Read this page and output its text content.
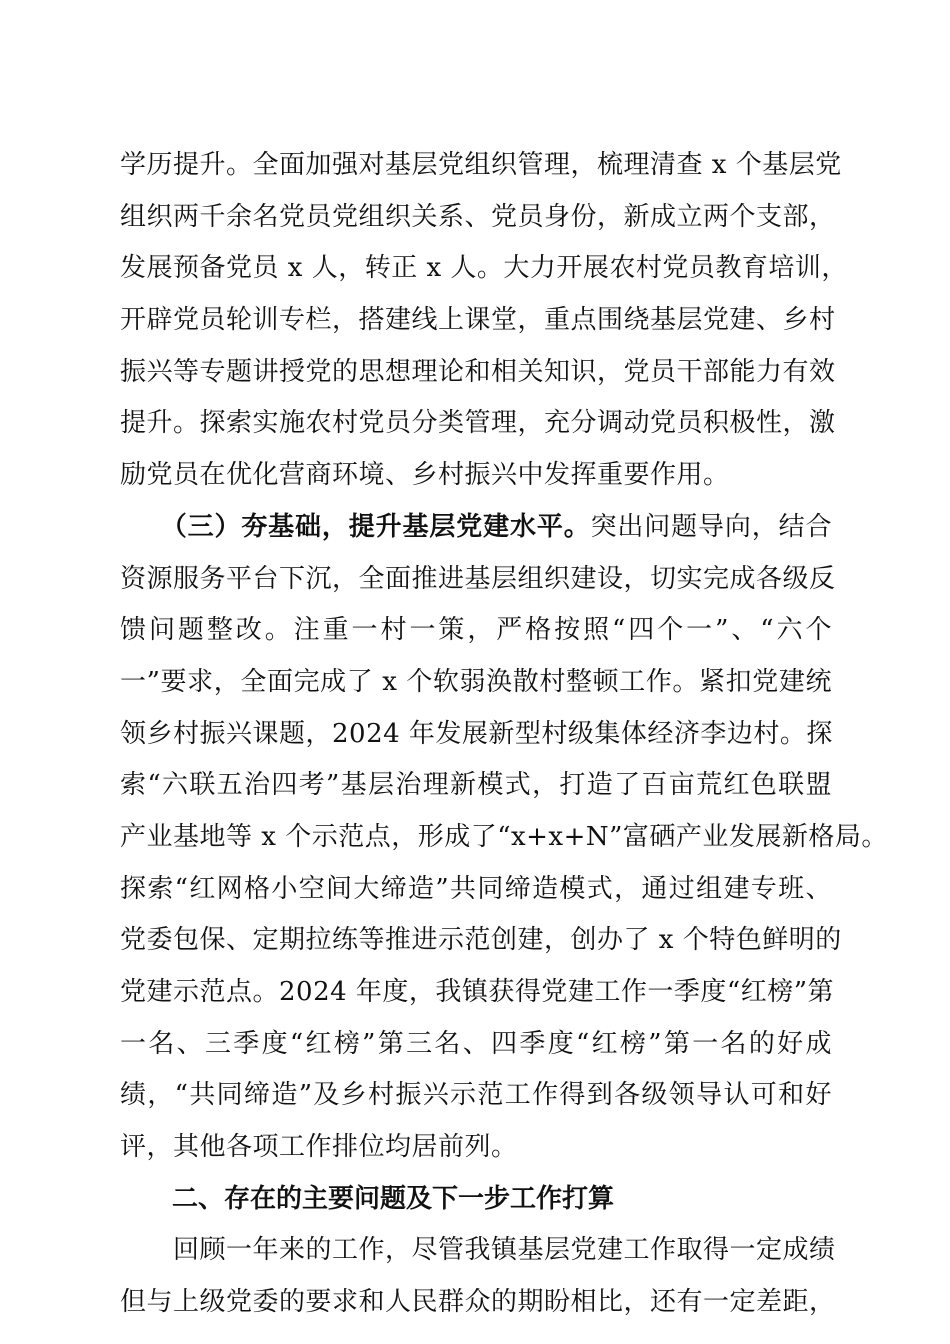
学历提升。全面加强对基层党组织管理，梳理清查 x 个基层党
组织两千余名党员党组织关系、党员身份，新成立两个支部，
发展预备党员 x 人，转正 x 人。大力开展农村党员教育培训，
开辟党员轮训专栏，搭建线上课堂，重点围绕基层党建、乡村
振兴等专题讲授党的思想理论和相关知识，党员干部能力有效
提升。探索实施农村党员分类管理，充分调动党员积极性，激
励党员在优化营商环境、乡村振兴中发挥重要作用。
　　（三）夯基础，提升基层党建水平。突出问题导向，结合
资源服务平台下沉，全面推进基层组织建设，切实完成各级反
馈问题整改。注重一村一策，严格按照“四个一”、“六个
一”要求，全面完成了 x 个软弱涣散村整顿工作。紧扣党建统
领乡村振兴课题，2024 年发展新型村级集体经济李边村。探
索“六联五治四考”基层治理新模式，打造了百亩荒红色联盟
产业基地等 x 个示范点，形成了“x+x+N”富硒产业发展新格局。
探索“红网格小空间大缔造”共同缔造模式，通过组建专班、
党委包保、定期拉练等推进示范创建，创办了 x 个特色鲜明的
党建示范点。2024 年度，我镇获得党建工作一季度“红榜”第
一名、三季度“红榜”第三名、四季度“红榜”第一名的好成
绩，“共同缔造”及乡村振兴示范工作得到各级领导认可和好
评，其他各项工作排位均居前列。
　　二、存在的主要问题及下一步工作打算
　　回顾一年来的工作，尽管我镇基层党建工作取得一定成绩
但与上级党委的要求和人民群众的期盼相比，还有一定差距，
